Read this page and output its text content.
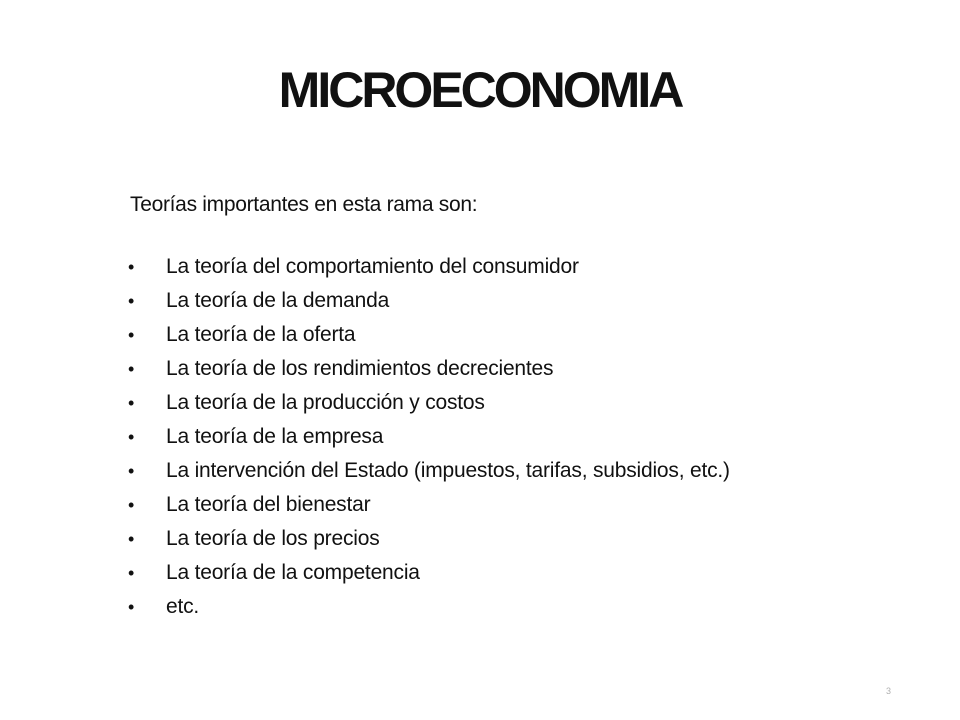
MICROECONOMIA
Teorías importantes en esta rama son:
•	La teoría del comportamiento del consumidor
•	La teoría de la demanda
•	La teoría de la oferta
•	La teoría de los rendimientos decrecientes
•	La teoría de la producción y costos
•	La teoría de la empresa
•	La intervención del Estado (impuestos, tarifas, subsidios, etc.)
•	La teoría del bienestar
•	La teoría de los precios
•	La teoría de la competencia
•	etc.
3
